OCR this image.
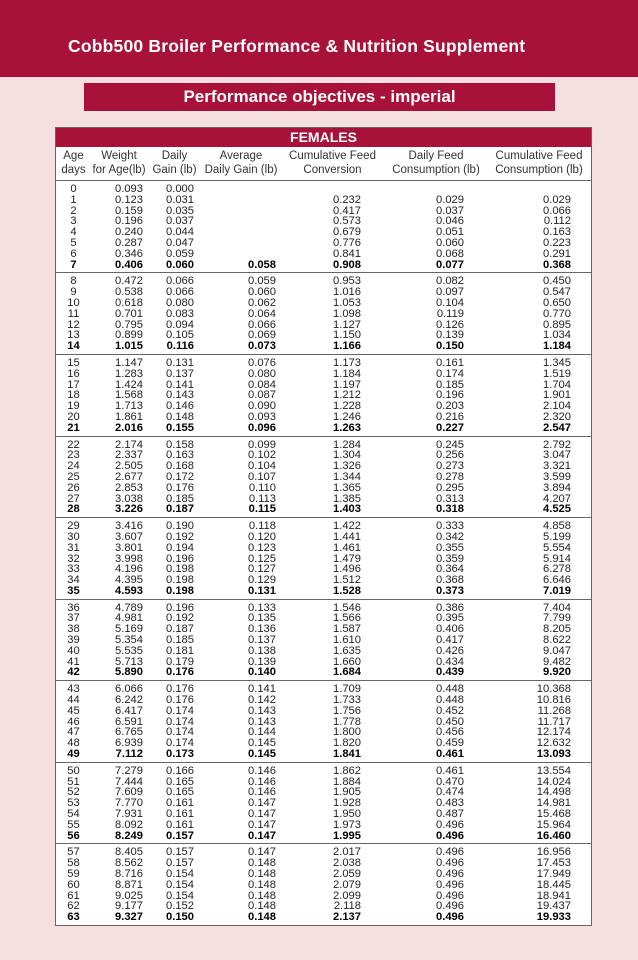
Cobb500 Broiler Performance & Nutrition Supplement
Performance objectives - imperial
FEMALES
Age
days
Weight
for Age(lb)
Daily
Gain (lb)
Average
Daily Gain (lb)
Cumulative Feed
Conversion
Daily Feed
Consumption (lb)
Cumulative Feed
Consumption (lb)
0
1
2
3
4
5
6
7
0.093
0.123
0.159
0.196
0.240
0.287
0.346
0.406
0.000
0.031
0.035
0.037
0.044
0.047
0.059
0.060	0.058
0.232
0.417
0.573
0.679
0.776
0.841
0.908
0.029
0.037
0.046
0.051
0.060
0.068
0.077
0.029
0.066
0.112
0.163
0.223
0.291
0.368
8
9
10
11
12
13
14
0.472
0.538
0.618
0.701
0.795
0.899
1.015
0.066
0.066
0.080
0.083
0.094
0.105
0.116
0.059
0.060
0.062
0.064
0.066
0.069
0.073
0.953
1.016
1.053
1.098
1.127
1.150
1.166
0.082
0.097
0.104
0.119
0.126
0.139
0.150
0.450
0.547
0.650
0.770
0.895
1.034
1.184
15
16
17
18
19
20
21
1.147
1.283
1.424
1.568
1.713
1.861
2.016
0.131
0.137
0.141
0.143
0.146
0.148
0.155
0.076
0.080
0.084
0.087
0.090
0.093
0.096
1.173
1.184
1.197
1.212
1.228
1.246
1.263
0.161
0.174
0.185
0.196
0.203
0.216
0.227
1.345
1.519
1.704
1.901
2.104
2.320
2.547
22
23
24
25
26
27
28
2.174
2.337
2.505
2.677
2.853
3.038
3.226
0.158
0.163
0.168
0.172
0.176
0.185
0.187
0.099
0.102
0.104
0.107
0.110
0.113
0.115
1.284
1.304
1.326
1.344
1.365
1.385
1.403
0.245
0.256
0.273
0.278
0.295
0.313
0.318
2.792
3.047
3.321
3.599
3.894
4.207
4.525
29
30
31
32
33
34
35
3.416
3.607
3.801
3.998
4.196
4.395
4.593
0.190
0.192
0.194
0.196
0.198
0.198
0.198
0.118
0.120
0.123
0.125
0.127
0.129
0.131
1.422
1.441
1.461
1.479
1.496
1.512
1.528
0.333
0.342
0.355
0.359
0.364
0.368
0.373
4.858
5.199
5.554
5.914
6.278
6.646
7.019
36
37
38
39
40
41
42
4.789
4.981
5.169
5.354
5.535
5.713
5.890
0.196
0.192
0.187
0.185
0.181
0.179
0.176
0.133
0.135
0.136
0.137
0.138
0.139
0.140
1.546
1.566
1.587
1.610
1.635
1.660
1.684
0.386
0.395
0.406
0.417
0.426
0.434
0.439
7.404
7.799
8.205
8.622
9.047
9.482
9.920
43
44
45
46
47
48
49
6.066
6.242
6.417
6.591
6.765
6.939
7.112
0.176
0.176
0.174
0.174
0.174
0.174
0.173
0.141
0.142
0.143
0.143
0.144
0.145
0.145
1.709
1.733
1.756
1.778
1.800
1.820
1.841
0.448
0.448
0.452
0.450
0.456
0.459
0.461
10.368
10.816
11.268
11.717
12.174
12.632
13.093
50
51
52
53
54
55
56
7.279
7.444
7.609
7.770
7.931
8.092
8.249
0.166
0.165
0.165
0.161
0.161
0.161
0.157
0.146
0.146
0.146
0.147
0.147
0.147
0.147
1.862
1.884
1.905
1.928
1.950
1.973
1.995
0.461
0.470
0.474
0.483
0.487
0.496
0.496
13.554
14.024
14.498
14.981
15.468
15.964
16.460
57
58
59
60
61
62
63
8.405
8.562
8.716
8.871
9.025
9.177
9.327
0.157
0.157
0.154
0.154
0.154
0.152
0.150
0.147
0.148
0.148
0.148
0.148
0.148
0.148
2.017
2.038
2.059
2.079
2.099
2.118
2.137
0.496
0.496
0.496
0.496
0.496
0.496
0.496
16.956
17.453
17.949
18.445
18.941
19.437
19.933
